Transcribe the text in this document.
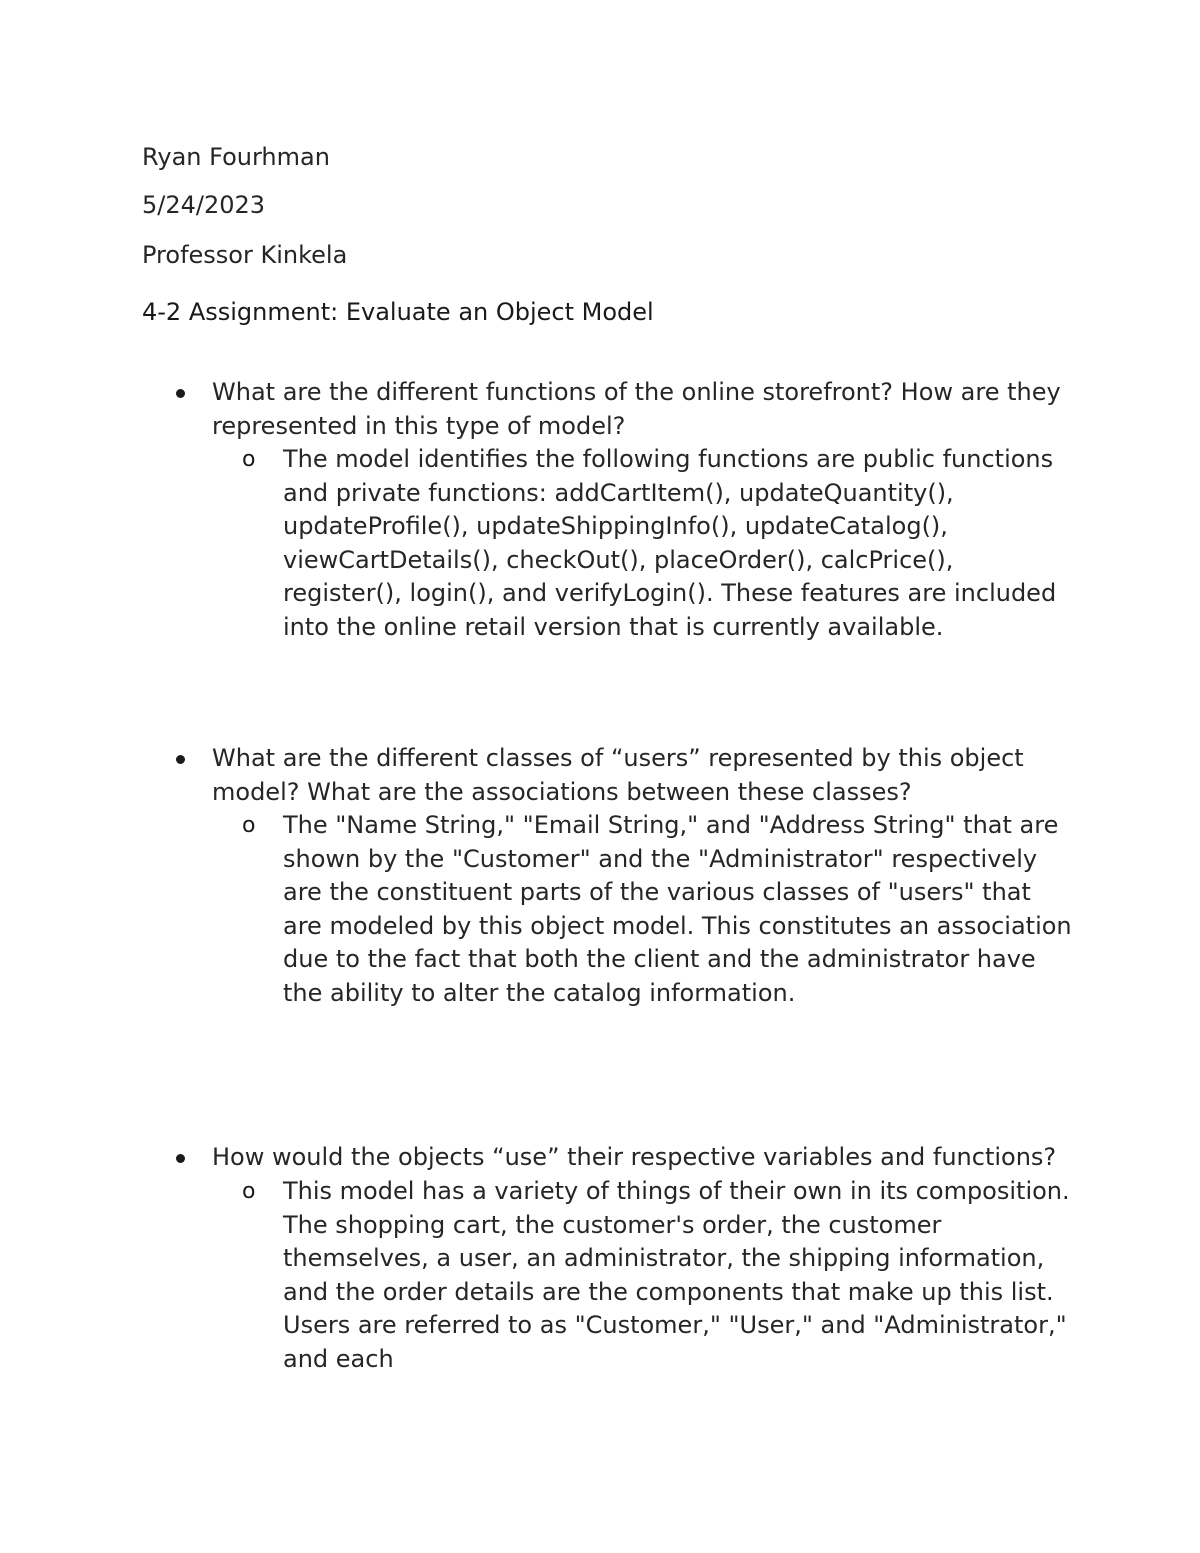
Ryan Fourhman

5/24/2023

Professor Kinkela

4-2 Assignment: Evaluate an Object Model

What are the different functions of the online storefront? How are they represented in this type of model?

o	The model identifies the following functions are public functions and private functions: addCartItem(), updateQuantity(), updateProfile(), updateShippingInfo(), updateCatalog(), viewCartDetails(), checkOut(), placeOrder(), calcPrice(), register(), login(), and verifyLogin(). These features are included into the online retail version that is currently available.

What are the different classes of “users” represented by this object model? What are the associations between these classes?

o	The "Name String," "Email String," and "Address String" that are shown by the "Customer" and the "Administrator" respectively are the constituent parts of the various classes of "users" that are modeled by this object model. This constitutes an association due to the fact that both the client and the administrator have the ability to alter the catalog information.

How would the objects “use” their respective variables and functions?

o	This model has a variety of things of their own in its composition. The shopping cart, the customer's order, the customer themselves, a user, an administrator, the shipping information, and the order details are the components that make up this list. Users are referred to as "Customer," "User," and "Administrator," and each
